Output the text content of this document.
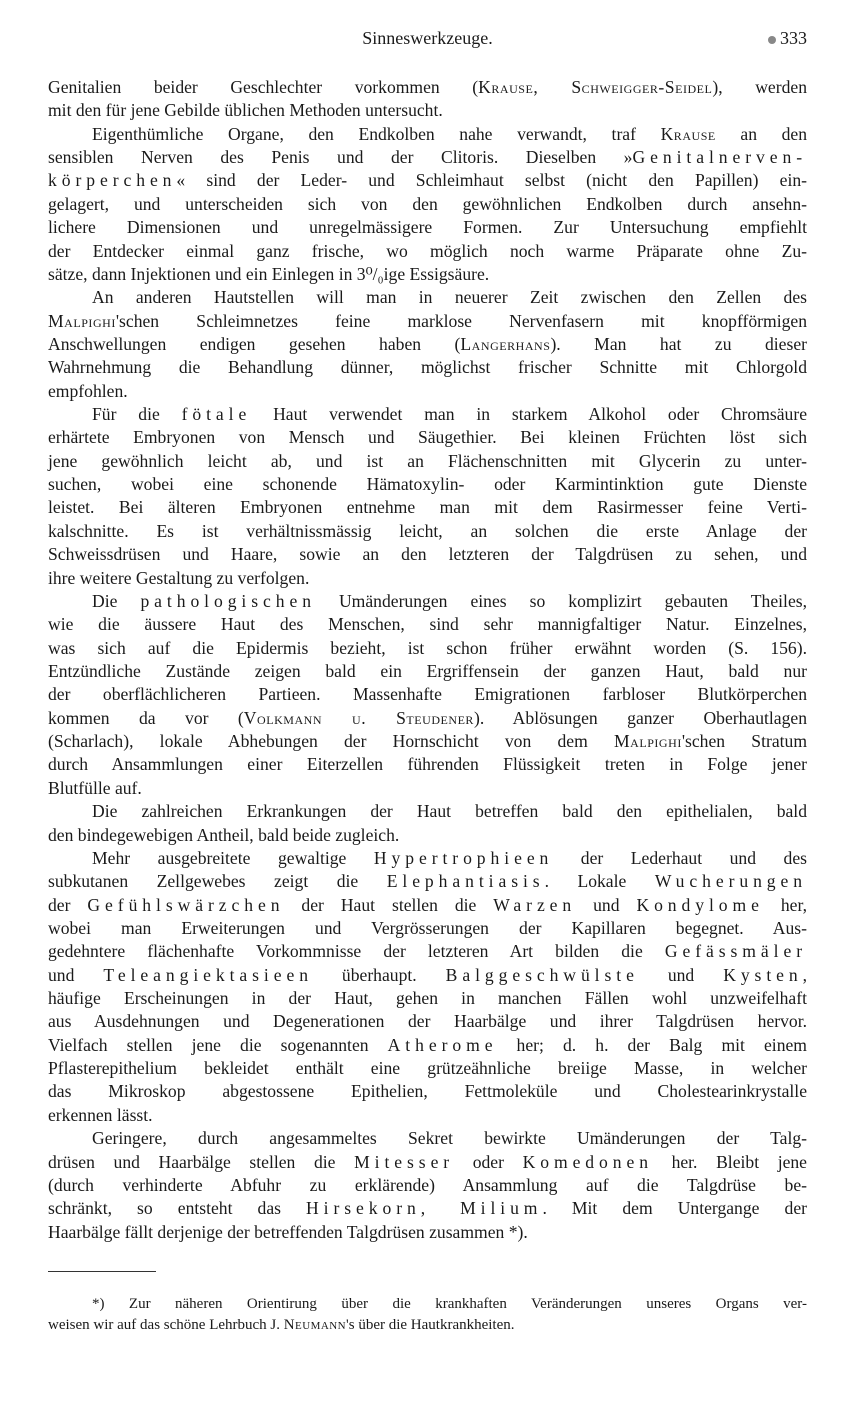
Sinneswerkzeuge.	333
Genitalien beider Geschlechter vorkommen (Krause, Schweigger-Seidel), werden
mit den für jene Gebilde üblichen Methoden untersucht.
Eigenthümliche Organe, den Endkolben nahe verwandt, traf Krause an den
sensiblen Nerven des Penis und der Clitoris. Dieselben »Genitalnerven-
körperchen« sind der Leder- und Schleimhaut selbst (nicht den Papillen) ein-
gelagert, und unterscheiden sich von den gewöhnlichen Endkolben durch ansehn-
lichere Dimensionen und unregelmässigere Formen. Zur Untersuchung empfiehlt
der Entdecker einmal ganz frische, wo möglich noch warme Präparate ohne Zu-
sätze, dann Injektionen und ein Einlegen in 3⁰/₀ige Essigsäure.
An anderen Hautstellen will man in neuerer Zeit zwischen den Zellen des
Malpighi'schen Schleimnetzes feine marklose Nervenfasern mit knopfförmigen
Anschwellungen endigen gesehen haben (Langerhans). Man hat zu dieser
Wahrnehmung die Behandlung dünner, möglichst frischer Schnitte mit Chlorgold
empfohlen.
Für die fötale Haut verwendet man in starkem Alkohol oder Chromsäure
erhärtete Embryonen von Mensch und Säugethier. Bei kleinen Früchten löst sich
jene gewöhnlich leicht ab, und ist an Flächenschnitten mit Glycerin zu unter-
suchen, wobei eine schonende Hämatoxylin- oder Karmintinktion gute Dienste
leistet. Bei älteren Embryonen entnehme man mit dem Rasirmesser feine Verti-
kalschnitte. Es ist verhältnissmässig leicht, an solchen die erste Anlage der
Schweissdrüsen und Haare, sowie an den letzteren der Talgdrüsen zu sehen, und
ihre weitere Gestaltung zu verfolgen.
Die pathologischen Umänderungen eines so komplizirt gebauten Theiles,
wie die äussere Haut des Menschen, sind sehr mannigfaltiger Natur. Einzelnes,
was sich auf die Epidermis bezieht, ist schon früher erwähnt worden (S. 156).
Entzündliche Zustände zeigen bald ein Ergriffensein der ganzen Haut, bald nur
der oberflächlicheren Partieen. Massenhafte Emigrationen farbloser Blutkörperchen
kommen da vor (Volkmann u. Steudener). Ablösungen ganzer Oberhautlagen
(Scharlach), lokale Abhebungen der Hornschicht von dem Malpighi'schen Stratum
durch Ansammlungen einer Eiterzellen führenden Flüssigkeit treten in Folge jener
Blutfülle auf.
Die zahlreichen Erkrankungen der Haut betreffen bald den epithelialen, bald
den bindegewebigen Antheil, bald beide zugleich.
Mehr ausgebreitete gewaltige Hypertrophieen der Lederhaut und des
subkutanen Zellgewebes zeigt die Elephantiasis. Lokale Wucherungen
der Gefühlswärzchen der Haut stellen die Warzen und Kondylome her,
wobei man Erweiterungen und Vergrösserungen der Kapillaren begegnet. Aus-
gedehntere flächenhafte Vorkommnisse der letzteren Art bilden die Gefässmäler
und Teleangiektasieen überhaupt. Balggeschwülste und Kysten,
häufige Erscheinungen in der Haut, gehen in manchen Fällen wohl unzweifelhaft
aus Ausdehnungen und Degenerationen der Haarbälge und ihrer Talgdrüsen hervor.
Vielfach stellen jene die sogenannten Atherome her; d. h. der Balg mit einem
Pflasterepithelium bekleidet enthält eine grützeähnliche breiige Masse, in welcher
das Mikroskop abgestossene Epithelien, Fettmoleküle und Cholestearinkrystalle
erkennen lässt.
Geringere, durch angesammeltes Sekret bewirkte Umänderungen der Talg-
drüsen und Haarbälge stellen die Mitesser oder Komedonen her. Bleibt jene
(durch verhinderte Abfuhr zu erklärende) Ansammlung auf die Talgdrüse be-
schränkt, so entsteht das Hirsekorn, Milium. Mit dem Untergange der
Haarbälge fällt derjenige der betreffenden Talgdrüsen zusammen *).
*) Zur näheren Orientirung über die krankhaften Veränderungen unseres Organs ver-
weisen wir auf das schöne Lehrbuch J. Neumann's über die Hautkrankheiten.
